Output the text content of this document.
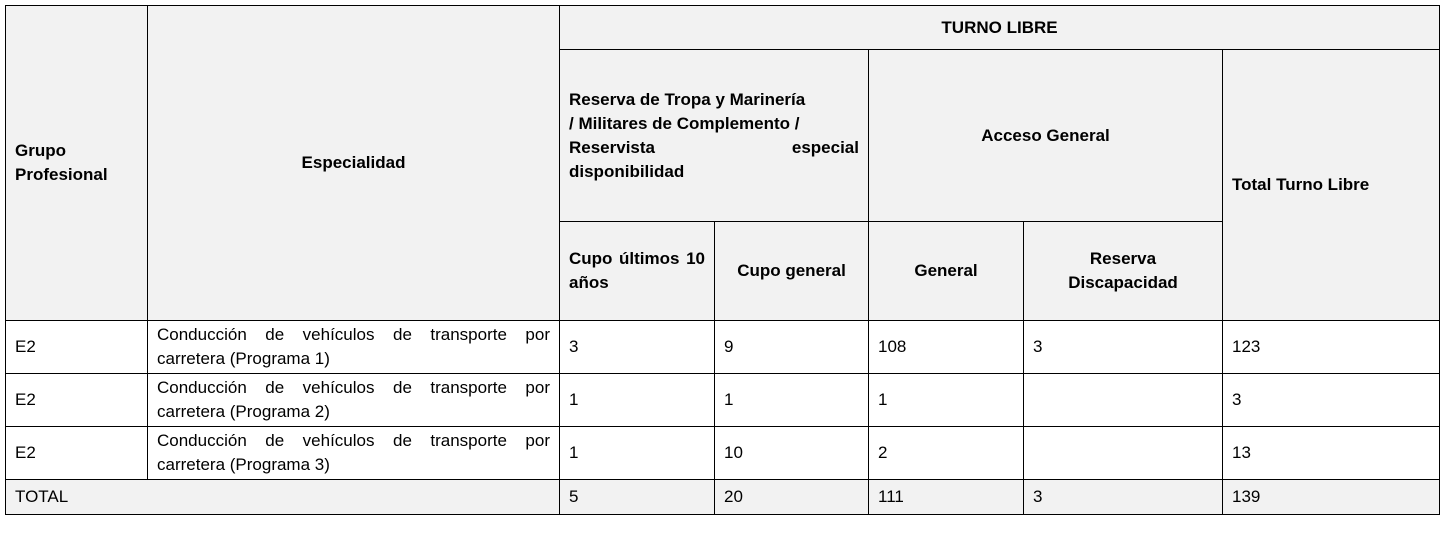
Grupo Profesional	Especialidad	TURNO LIBRE				

		Reserva de Tropa y Marinería
/ Militares de Complemento /
Reservista especial
disponibilidad		Acceso General		Total Turno Libre
		Cupo últimos 10 años	Cupo general	General	Reserva Discapacidad	
E2	Conducción de vehículos de transporte por carretera (Programa 1)	3	9	108	3	123
E2	Conducción de vehículos de transporte por carretera (Programa 2)	1	1	1		3
E2	Conducción de vehículos de transporte por carretera (Programa 3)	1	10	2		13
TOTAL		5	20	111	3	139
